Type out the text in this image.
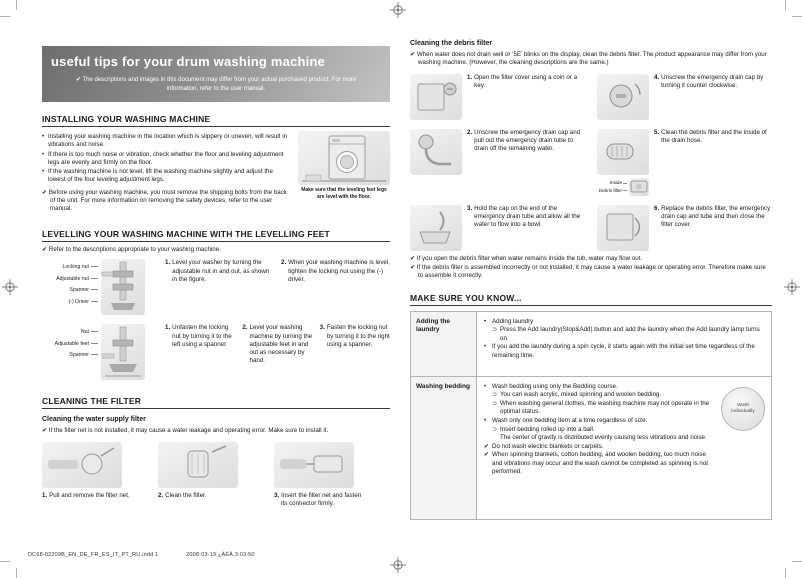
useful tips for your drum washing machine
✔ The descriptions and images in this document may differ from your actual purchased product. For more information, refer to the user manual.
INSTALLING YOUR WASHING MACHINE
• Installing your washing machine in the location which is slippery or uneven, will result in vibrations and noise.
• If there is too much noise or vibration, check whether the floor and leveling adjustment legs are evenly and firmly on the floor.
• If the washing machine is not level, lift the washing machine slightly and adjust the lowest of the four leveling adjustment legs.

✔ Before using your washing machine, you must remove the shipping bolts from the back of the unit. For more information on removing the safety devices, refer to the user manual.

Make sure that the leveling feet legs are level with the floor.
LEVELLING YOUR WASHING MACHINE WITH THE LEVELLING FEET

✔ Refer to the descriptions appropriate to your washing machine.

Locking nut
Adjustable nut
Spanner
(-) Driver
1. Level your washer by turning the adjustable nut in and out, as shown in the figure.
2. When your washing machine is level, tighten the locking nut using the (-) driver.
Nut
Adjustable feet
Spanner
1. Unfasten the locking nut by turning it to the left using a spanner.
2. Level your washing machine by turning the adjustable feet in and out as necessary by hand.
3. Fasten the locking nut by turning it to the right using a spanner.
CLEANING THE FILTER
Cleaning the water supply filter

✔ If the filter net is not installed, it may cause a water leakage and operating error. Make sure to install it.

1. Pull and remove the filter net.	2. Clean the filter.	3. Insert the filter net and fasten its connector firmly.
Cleaning the debris filter

✔ When water does not drain well or ‘5E’ blinks on the display, clean the debris filter. The product appearance may differ from your washing machine. (However, the cleaning descriptions are the same.)

1. Open the filter cover using a coin or a key.
4. Unscrew the emergency drain cap by turning it counter clockwise.
2. Unscrew the emergency drain cap and pull out the emergency drain tube to drain off the remaining water.
Inside
Debris filter
5. Clean the debris filter and the inside of the drain hose.
3. Hold the cap on the end of the emergency drain tube and allow all the water to flow into a bowl.
6. Replace the debris filter, the emergency drain cap and tube and then close the filter cover.

✔ If you open the debris filter when water remains inside the tub, water may flow out.

✔ If the debris filter is assembled incorrectly or not installed, it may cause a water leakage or operating error. Therefore make sure to assemble it correctly.

MAKE SURE YOU KNOW...
Adding the laundry
• Adding laundry
⊃ Press the Add laundry(Stop&Add) button and add the laundry when the Add laundry lamp turns on.
• If you add the laundry during a spin cycle, it starts again with the initial set time regardless of the remaining time.
Washing bedding	• Wash bedding using only the Bedding course.
⊃ You can wash acrylic, mixed spinning and woolen bedding.
⊃ When washing general clothes, the washing machine may not operate in the optimal status.
• Wash only one bedding item at a time regardless of size.
⊃ Insert bedding rolled up into a ball.
The center of gravity is distributed evenly causing less vibrations and noise.
✔ Do not wash electric blankets or carpets.
✔ When spinning blankets, cotton bedding, and woolen bedding, too much noise and vibrations may occur and the wash cannot be completed as spinning is not performed.
Wash individually
DC68-02209B_EN_DE_FR_ES_IT_PT_RU.indd 1	2008-03-19 ¿ÀÈÄ 3:03:50
